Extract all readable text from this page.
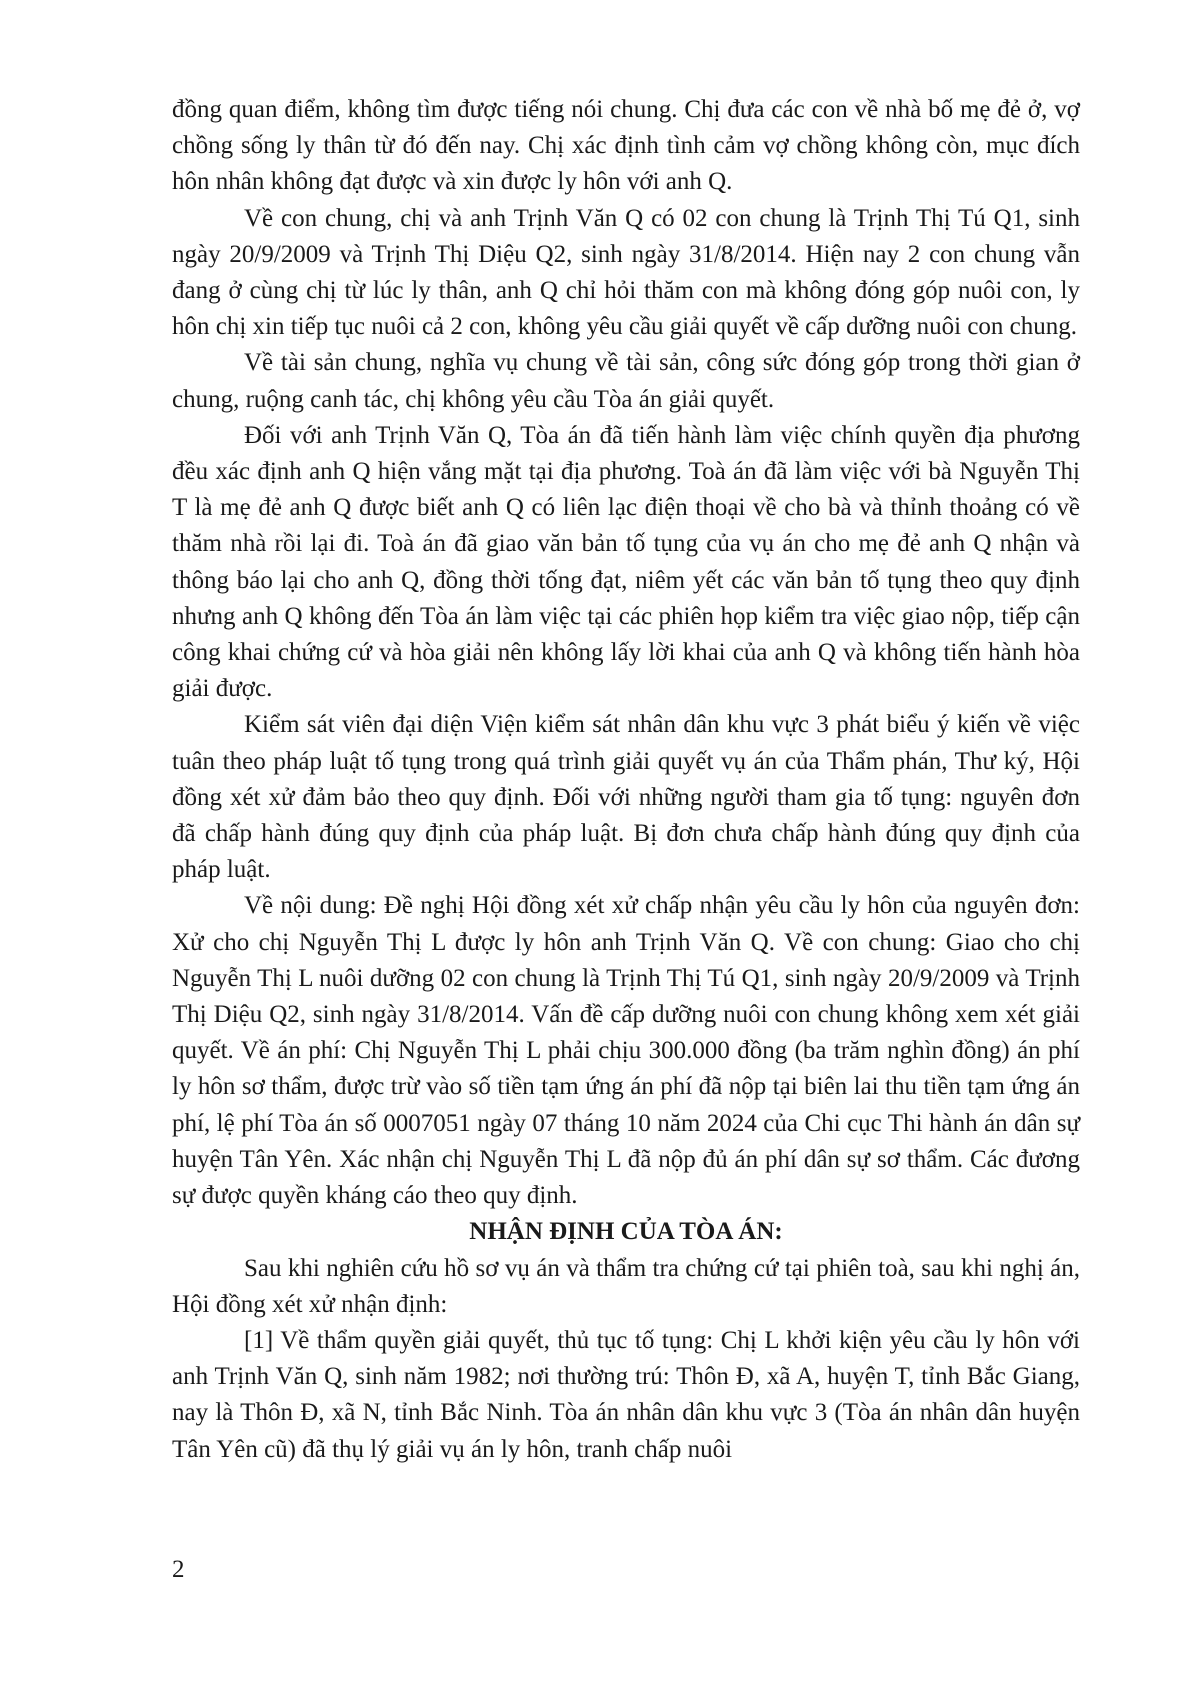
đồng quan điểm, không tìm được tiếng nói chung. Chị đưa các con về nhà bố mẹ đẻ ở, vợ chồng sống ly thân từ đó đến nay. Chị xác định tình cảm vợ chồng không còn, mục đích hôn nhân không đạt được và xin được ly hôn với anh Q.

Về con chung, chị và anh Trịnh Văn Q có 02 con chung là Trịnh Thị Tú Q1, sinh ngày 20/9/2009 và Trịnh Thị Diệu Q2, sinh ngày 31/8/2014. Hiện nay 2 con chung vẫn đang ở cùng chị từ lúc ly thân, anh Q chỉ hỏi thăm con mà không đóng góp nuôi con, ly hôn chị xin tiếp tục nuôi cả 2 con, không yêu cầu giải quyết về cấp dưỡng nuôi con chung.

Về tài sản chung, nghĩa vụ chung về tài sản, công sức đóng góp trong thời gian ở chung, ruộng canh tác, chị không yêu cầu Tòa án giải quyết.

Đối với anh Trịnh Văn Q, Tòa án đã tiến hành làm việc chính quyền địa phương đều xác định anh Q hiện vắng mặt tại địa phương. Toà án đã làm việc với bà Nguyễn Thị T là mẹ đẻ anh Q được biết anh Q có liên lạc điện thoại về cho bà và thỉnh thoảng có về thăm nhà rồi lại đi. Toà án đã giao văn bản tố tụng của vụ án cho mẹ đẻ anh Q nhận và thông báo lại cho anh Q, đồng thời tống đạt, niêm yết các văn bản tố tụng theo quy định nhưng anh Q không đến Tòa án làm việc tại các phiên họp kiểm tra việc giao nộp, tiếp cận công khai chứng cứ và hòa giải nên không lấy lời khai của anh Q và không tiến hành hòa giải được.

Kiểm sát viên đại diện Viện kiểm sát nhân dân khu vực 3 phát biểu ý kiến về việc tuân theo pháp luật tố tụng trong quá trình giải quyết vụ án của Thẩm phán, Thư ký, Hội đồng xét xử đảm bảo theo quy định. Đối với những người tham gia tố tụng: nguyên đơn đã chấp hành đúng quy định của pháp luật. Bị đơn chưa chấp hành đúng quy định của pháp luật.

Về nội dung: Đề nghị Hội đồng xét xử chấp nhận yêu cầu ly hôn của nguyên đơn: Xử cho chị Nguyễn Thị L được ly hôn anh Trịnh Văn Q. Về con chung: Giao cho chị Nguyễn Thị L nuôi dưỡng 02 con chung là Trịnh Thị Tú Q1, sinh ngày 20/9/2009 và Trịnh Thị Diệu Q2, sinh ngày 31/8/2014. Vấn đề cấp dưỡng nuôi con chung không xem xét giải quyết. Về án phí: Chị Nguyễn Thị L phải chịu 300.000 đồng (ba trăm nghìn đồng) án phí ly hôn sơ thẩm, được trừ vào số tiền tạm ứng án phí đã nộp tại biên lai thu tiền tạm ứng án phí, lệ phí Tòa án số 0007051 ngày 07 tháng 10 năm 2024 của Chi cục Thi hành án dân sự huyện Tân Yên. Xác nhận chị Nguyễn Thị L đã nộp đủ án phí dân sự sơ thẩm. Các đương sự được quyền kháng cáo theo quy định.

NHẬN ĐỊNH CỦA TÒA ÁN:

Sau khi nghiên cứu hồ sơ vụ án và thẩm tra chứng cứ tại phiên toà, sau khi nghị án, Hội đồng xét xử nhận định:

[1] Về thẩm quyền giải quyết, thủ tục tố tụng: Chị L khởi kiện yêu cầu ly hôn với anh Trịnh Văn Q, sinh năm 1982; nơi thường trú: Thôn Đ, xã A, huyện T, tỉnh Bắc Giang, nay là Thôn Đ, xã N, tỉnh Bắc Ninh. Tòa án nhân dân khu vực 3 (Tòa án nhân dân huyện Tân Yên cũ) đã thụ lý giải vụ án ly hôn, tranh chấp nuôi

2
